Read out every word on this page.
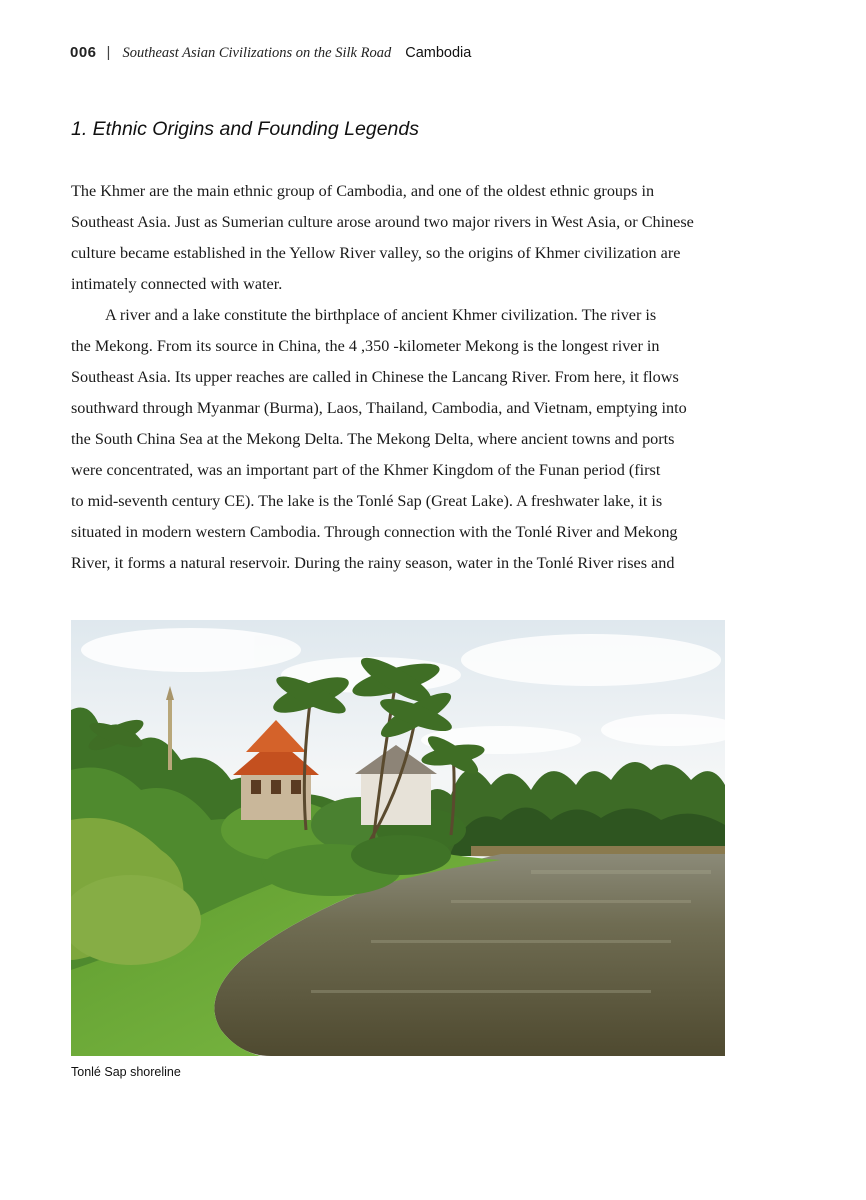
006 | Southeast Asian Civilizations on the Silk Road Cambodia
1. Ethnic Origins and Founding Legends
The Khmer are the main ethnic group of Cambodia, and one of the oldest ethnic groups in
Southeast Asia. Just as Sumerian culture arose around two major rivers in West Asia, or Chinese
culture became established in the Yellow River valley, so the origins of Khmer civilization are
intimately connected with water.
A river and a lake constitute the birthplace of ancient Khmer civilization. The river is
the Mekong. From its source in China, the 4 ,350 -kilometer Mekong is the longest river in
Southeast Asia. Its upper reaches are called in Chinese the Lancang River. From here, it flows
southward through Myanmar (Burma), Laos, Thailand, Cambodia, and Vietnam, emptying into
the South China Sea at the Mekong Delta. The Mekong Delta, where ancient towns and ports
were concentrated, was an important part of the Khmer Kingdom of the Funan period (first
to mid-seventh century CE). The lake is the Tonlé Sap (Great Lake). A freshwater lake, it is
situated in modern western Cambodia. Through connection with the Tonlé River and Mekong
River, it forms a natural reservoir. During the rainy season, water in the Tonlé River rises and
Tonlé Sap shoreline
